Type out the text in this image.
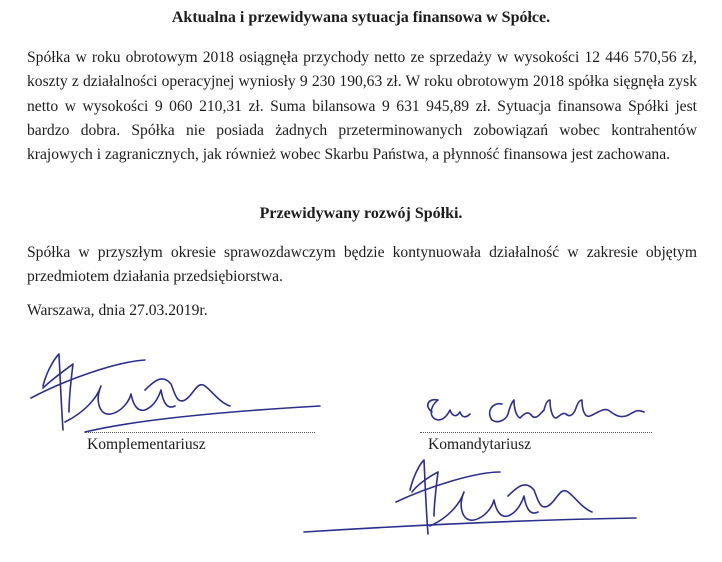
Aktualna i przewidywana sytuacja finansowa w Spółce.

Spółka w roku obrotowym 2018 osiągnęła przychody netto ze sprzedaży w wysokości 12 446 570,56 zł, koszty z działalności operacyjnej wyniosły 9 230 190,63 zł. W roku obrotowym 2018 spółka sięgnęła zysk netto w wysokości 9 060 210,31 zł. Suma bilansowa 9 631 945,89 zł. Sytuacja finansowa Spółki jest bardzo dobra. Spółka nie posiada żadnych przeterminowanych zobowiązań wobec kontrahentów krajowych i zagranicznych, jak również wobec Skarbu Państwa, a płynność finansowa jest zachowana.

Przewidywany rozwój Spółki.

Spółka w przyszłym okresie sprawozdawczym będzie kontynuowała działalność w zakresie objętym przedmiotem działania przedsiębiorstwa.

Warszawa, dnia 27.03.2019r.

Komplementariusz	Komandytariusz
